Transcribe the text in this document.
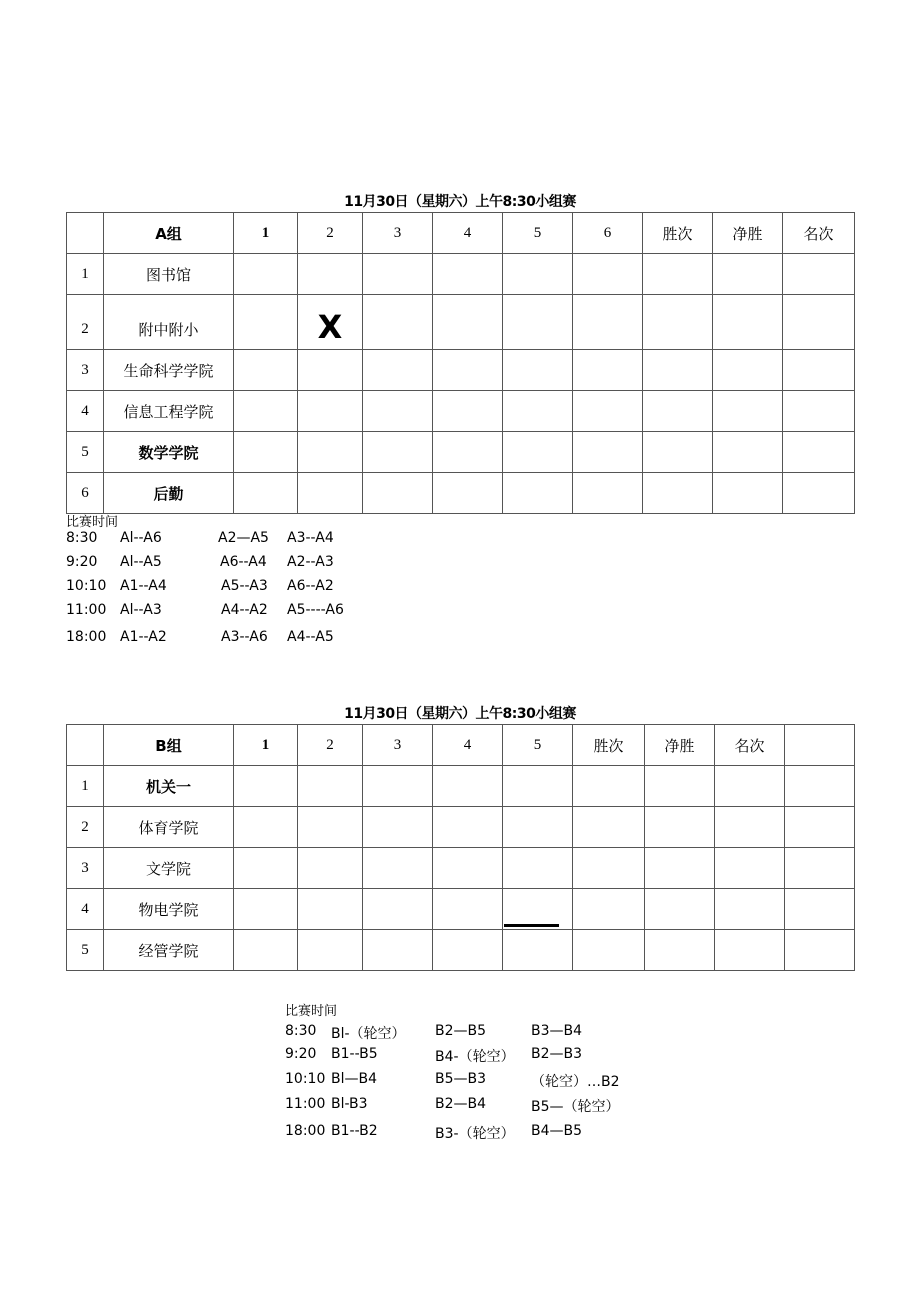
11月30日（星期六）上午8:30小组赛
	A组	1	2	3	4	5	6	胜次	净胜	名次
1	图书馆									
2	附中附小		X							

3	生命科学学院									
4	信息工程学院									
5	数学学院									
6	后勤									
比赛时间
8:30 Al--A6	A2—A5 A3--A4
9:20 Al--A5	A6--A4 A2--A3
10:10 A1--A4	A5--A3 A6--A2
11:00 Al--A3	A4--A2 A5----A6
18:00 A1--A2	A3--A6 A4--A5
11月30日（星期六）上午8:30小组赛
	B组	1	2	3	4	5	胜次	净胜	名次	
1	机关一									
2	体育学院									
3	文学院									
4	物电学院					

5	经管学院									
比赛时间
8:30 Bl-（轮空） B2—B5	B3—B4
9:20 B1--B5	B4-（轮空） B2—B3
10:10 Bl—B4	B5—B3	（轮空）…B2
11:00 Bl-B3	B2—B4	B5—（轮空）
18:00 B1--B2	B3-（轮空） B4—B5
